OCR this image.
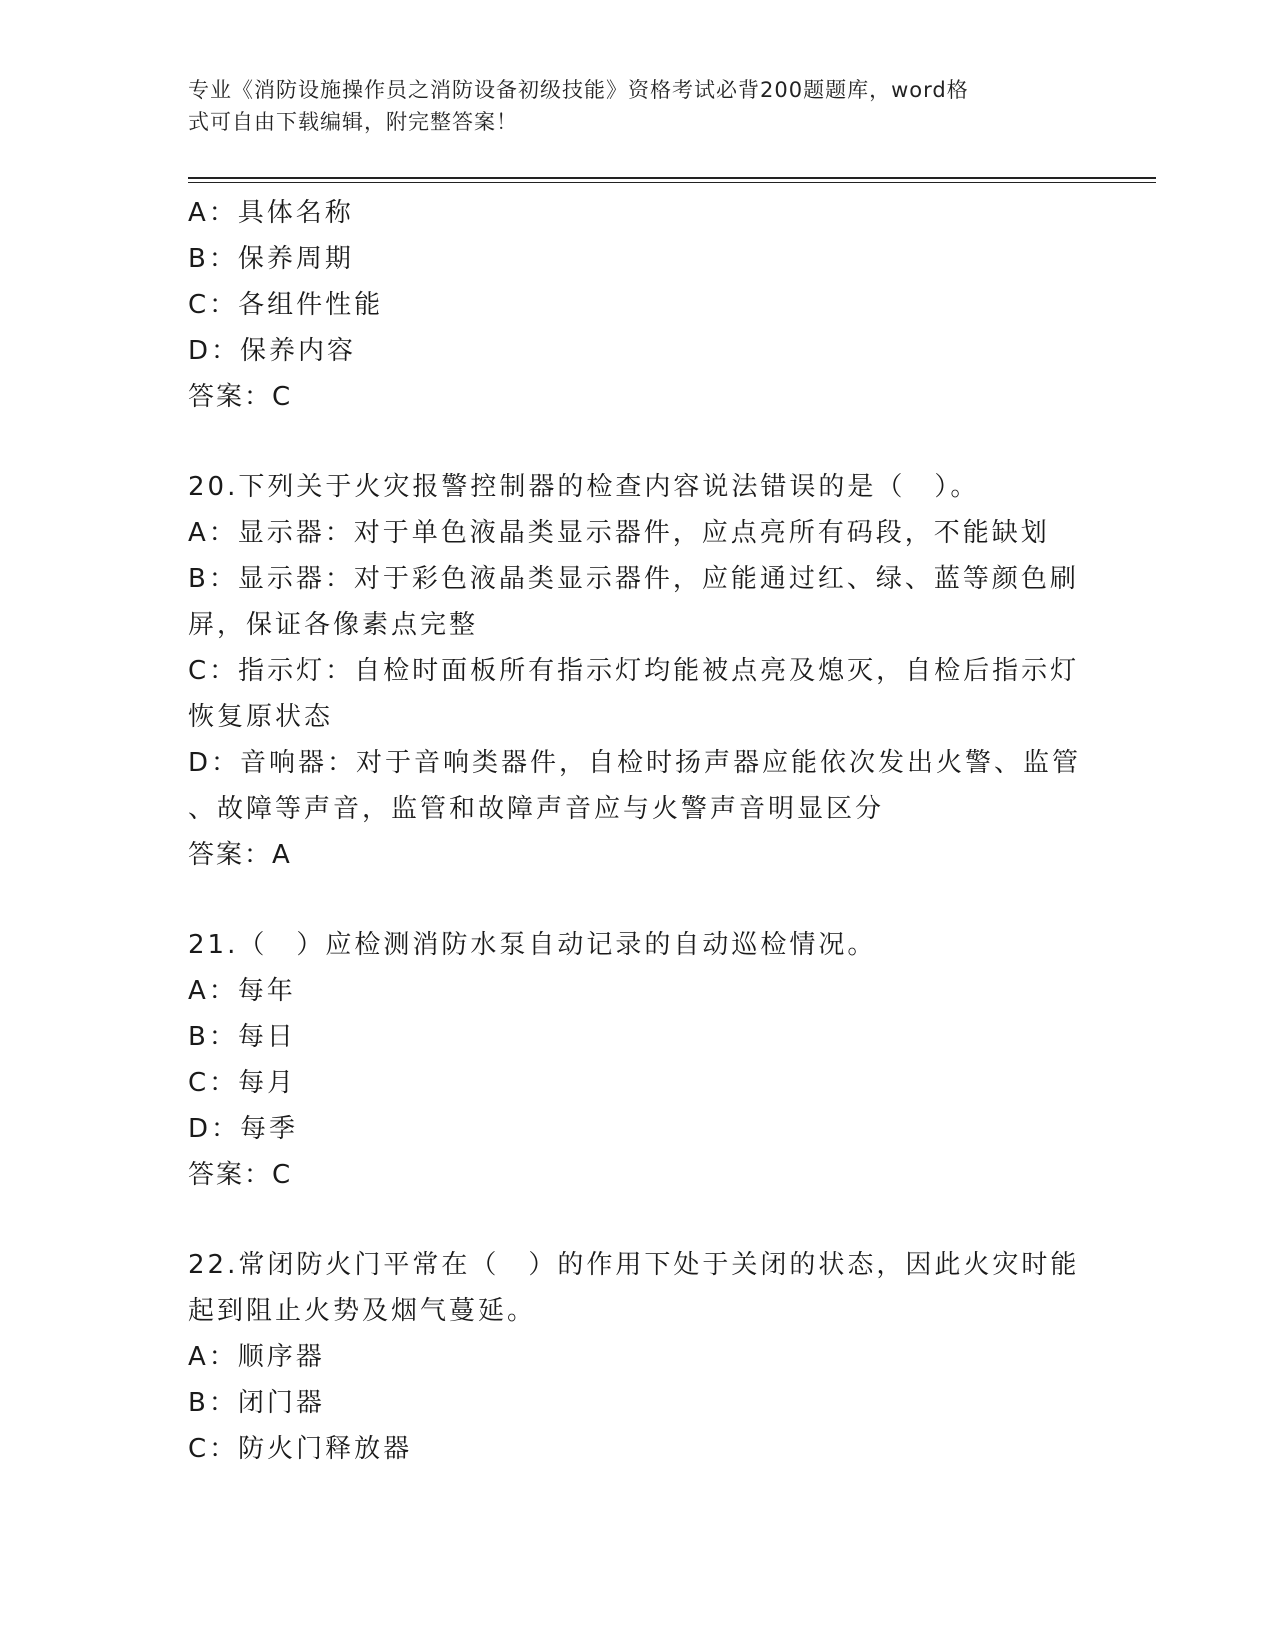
专业《消防设施操作员之消防设备初级技能》资格考试必背200题题库，word格
式可自由下载编辑，附完整答案！
A：具体名称
B：保养周期
C：各组件性能
D：保养内容
答案：C
20.下列关于火灾报警控制器的检查内容说法错误的是（　）。
A：显示器：对于单色液晶类显示器件，应点亮所有码段，不能缺划
B：显示器：对于彩色液晶类显示器件，应能通过红、绿、蓝等颜色刷
屏，保证各像素点完整
C：指示灯：自检时面板所有指示灯均能被点亮及熄灭，自检后指示灯
恢复原状态
D：音响器：对于音响类器件，自检时扬声器应能依次发出火警、监管
、故障等声音，监管和故障声音应与火警声音明显区分
答案：A
21.（　）应检测消防水泵自动记录的自动巡检情况。
A：每年
B：每日
C：每月
D：每季
答案：C
22.常闭防火门平常在（　）的作用下处于关闭的状态，因此火灾时能
起到阻止火势及烟气蔓延。
A：顺序器
B：闭门器
C：防火门释放器
